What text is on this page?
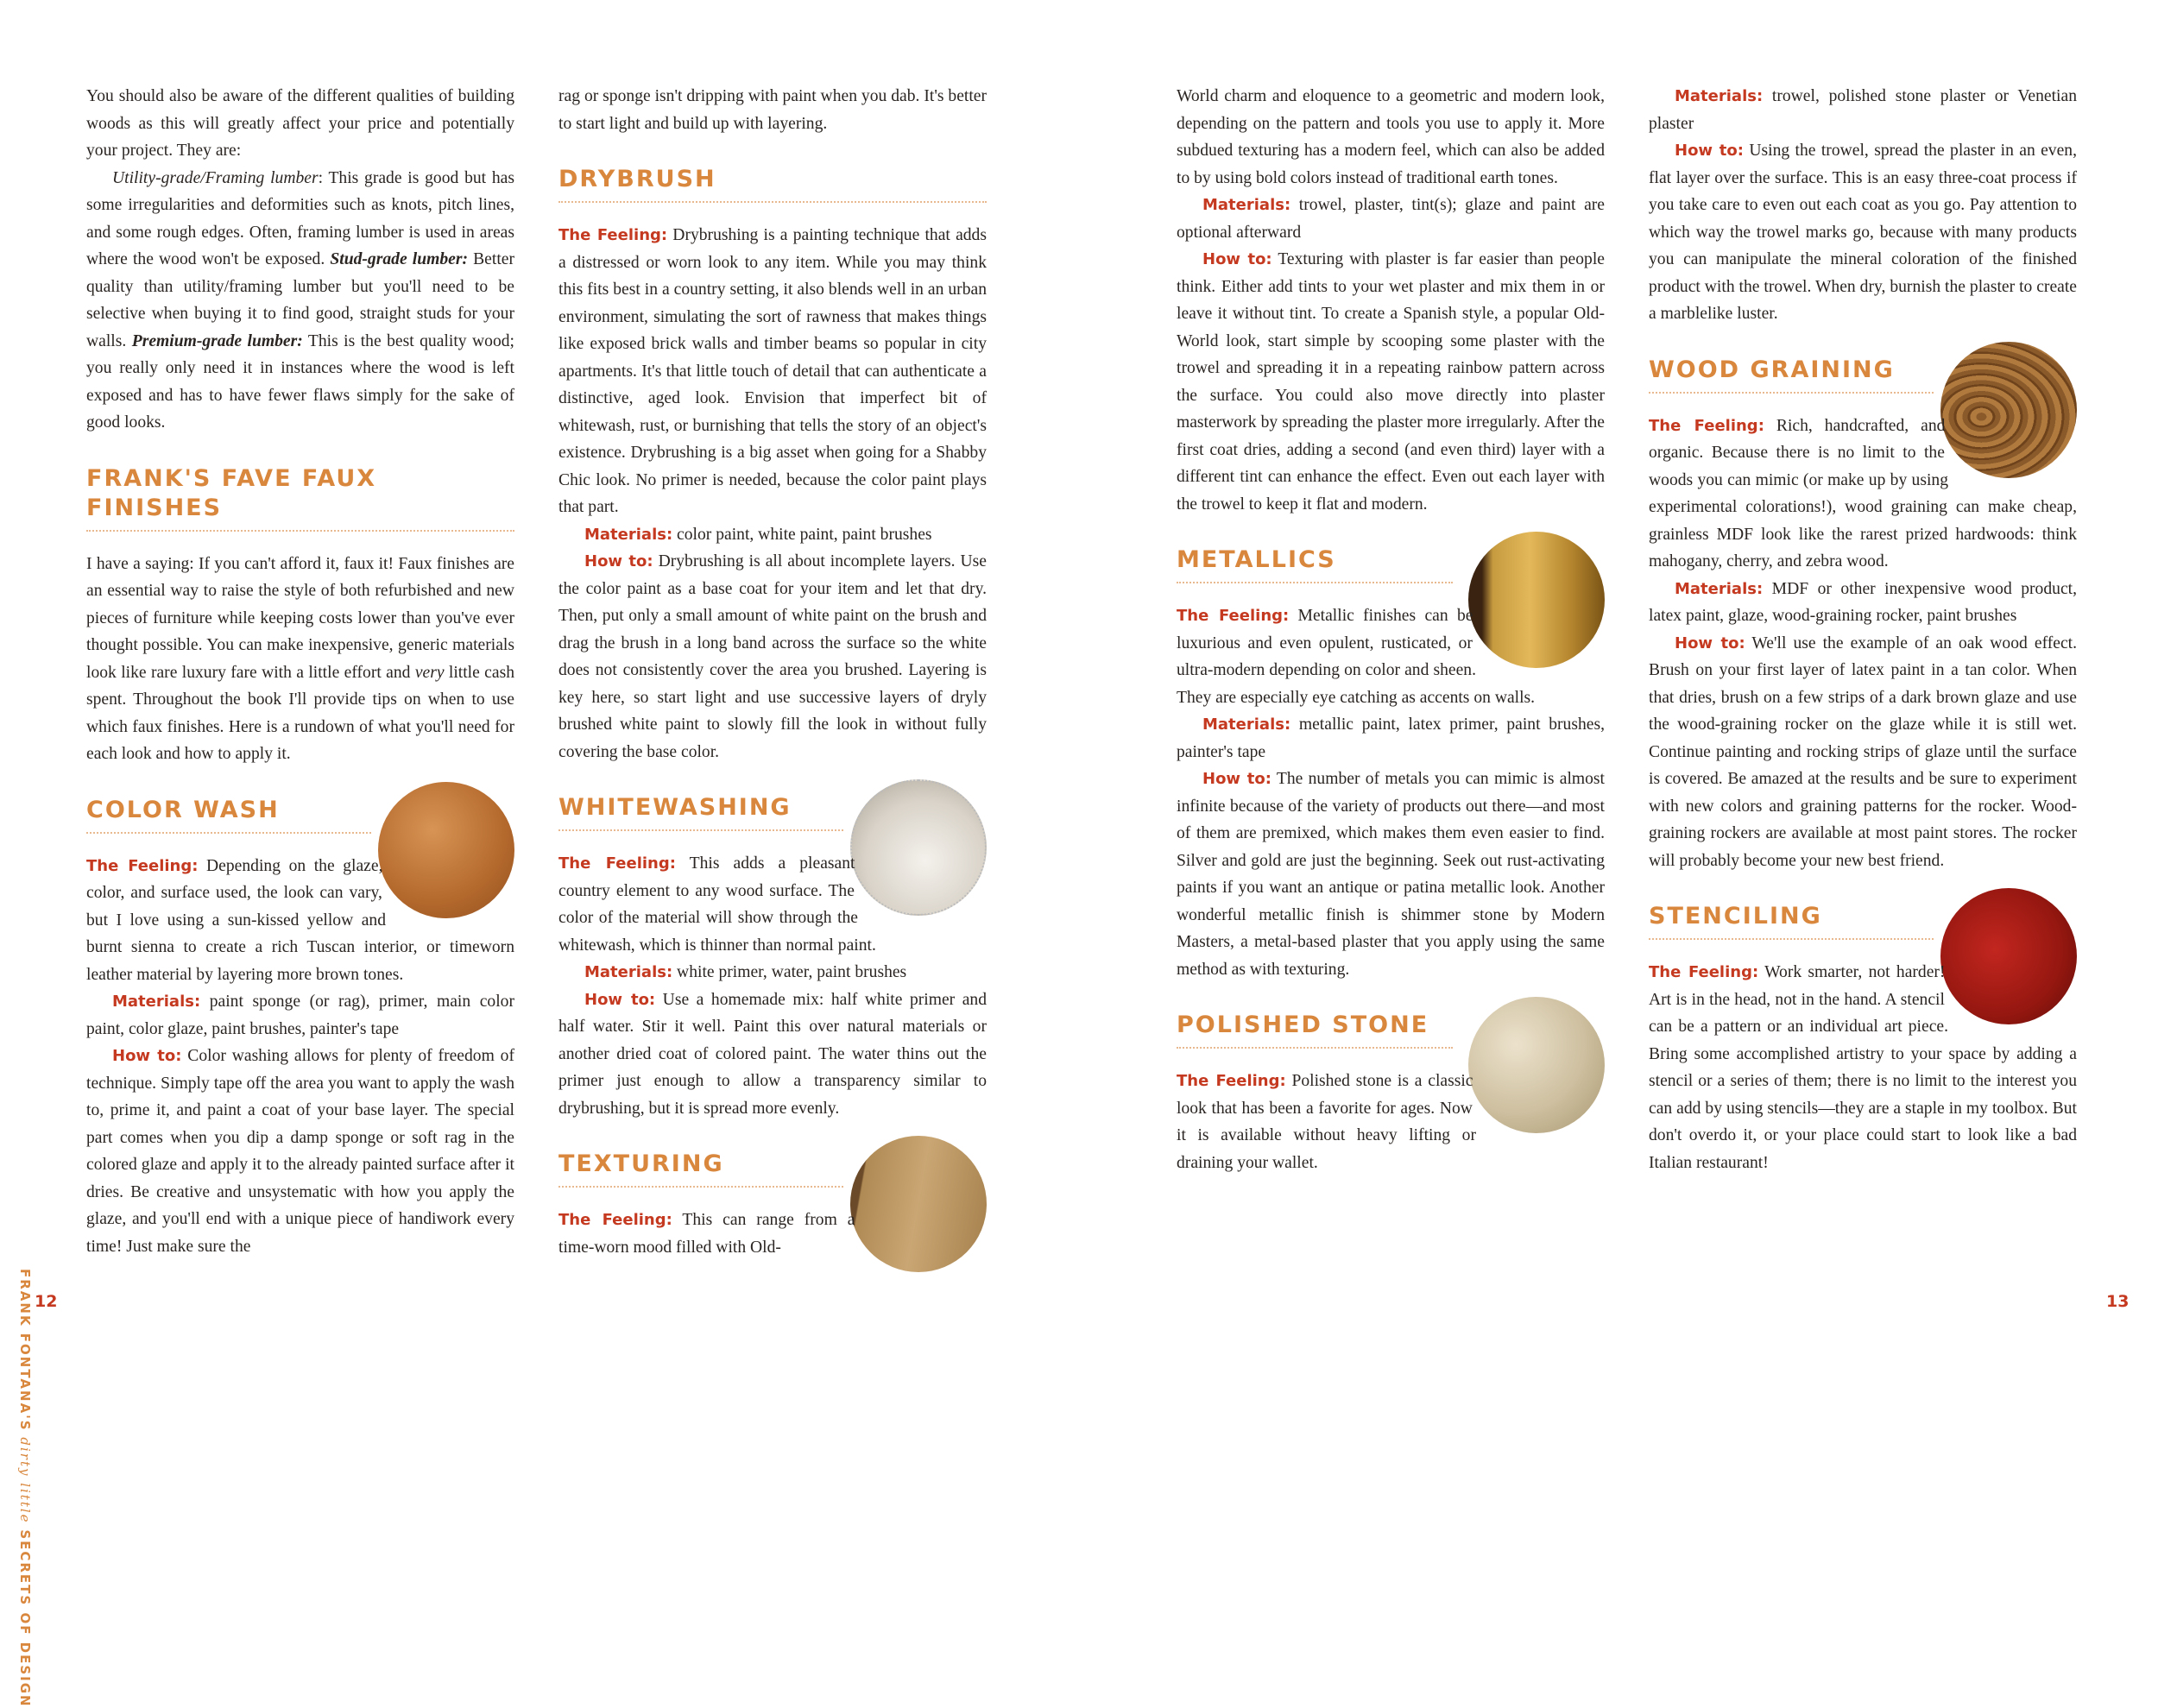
You should also be aware of the different qualities of building woods as this will greatly affect your price and potentially your project. They are:

Utility-grade/Framing lumber: This grade is good but has some irregularities and deformities such as knots, pitch lines, and some rough edges. Often, framing lumber is used in areas where the wood won't be exposed. Stud-grade lumber: Better quality than utility/framing lumber but you'll need to be selective when buying it to find good, straight studs for your walls. Premium-grade lumber: This is the best quality wood; you really only need it in instances where the wood is left exposed and has to have fewer flaws simply for the sake of good looks.

FRANK'S FAVE FAUX FINISHES

I have a saying: If you can't afford it, faux it! Faux finishes are an essential way to raise the style of both refurbished and new pieces of furniture while keeping costs lower than you've ever thought possible. You can make inexpensive, generic materials look like rare luxury fare with a little effort and very little cash spent. Throughout the book I'll provide tips on when to use which faux finishes. Here is a rundown of what you'll need for each look and how to apply it.

COLOR WASH

The Feeling: Depending on the glaze, color, and surface used, the look can vary, but I love using a sun-kissed yellow and burnt sienna to create a rich Tuscan interior, or timeworn leather material by layering more brown tones.

Materials: paint sponge (or rag), primer, main color paint, color glaze, paint brushes, painter's tape

How to: Color washing allows for plenty of freedom of technique. Simply tape off the area you want to apply the wash to, prime it, and paint a coat of your base layer. The special part comes when you dip a damp sponge or soft rag in the colored glaze and apply it to the already painted surface after it dries. Be creative and unsystematic with how you apply the glaze, and you'll end with a unique piece of handiwork every time! Just make sure the

rag or sponge isn't dripping with paint when you dab. It's better to start light and build up with layering.

DRYBRUSH

The Feeling: Drybrushing is a painting technique that adds a distressed or worn look to any item. While you may think this fits best in a country setting, it also blends well in an urban environment, simulating the sort of rawness that makes things like exposed brick walls and timber beams so popular in city apartments. It's that little touch of detail that can authenticate a distinctive, aged look. Envision that imperfect bit of whitewash, rust, or burnishing that tells the story of an object's existence. Drybrushing is a big asset when going for a Shabby Chic look. No primer is needed, because the color paint plays that part.

Materials: color paint, white paint, paint brushes

How to: Drybrushing is all about incomplete layers. Use the color paint as a base coat for your item and let that dry. Then, put only a small amount of white paint on the brush and drag the brush in a long band across the surface so the white does not consistently cover the area you brushed. Layering is key here, so start light and use successive layers of dryly brushed white paint to slowly fill the look in without fully covering the base color.

WHITEWASHING

The Feeling: This adds a pleasant country element to any wood surface. The color of the material will show through the whitewash, which is thinner than normal paint.

Materials: white primer, water, paint brushes

How to: Use a homemade mix: half white primer and half water. Stir it well. Paint this over natural materials or another dried coat of colored paint. The water thins out the primer just enough to allow a transparency similar to drybrushing, but it is spread more evenly.

TEXTURING

The Feeling: This can range from a time-worn mood filled with Old-

World charm and eloquence to a geometric and modern look, depending on the pattern and tools you use to apply it. More subdued texturing has a modern feel, which can also be added to by using bold colors instead of traditional earth tones.

Materials: trowel, plaster, tint(s); glaze and paint are optional afterward

How to: Texturing with plaster is far easier than people think. Either add tints to your wet plaster and mix them in or leave it without tint. To create a Spanish style, a popular Old-World look, start simple by scooping some plaster with the trowel and spreading it in a repeating rainbow pattern across the surface. You could also move directly into plaster masterwork by spreading the plaster more irregularly. After the first coat dries, adding a second (and even third) layer with a different tint can enhance the effect. Even out each layer with the trowel to keep it flat and modern.

METALLICS

The Feeling: Metallic finishes can be luxurious and even opulent, rusticated, or ultra-modern depending on color and sheen. They are especially eye catching as accents on walls.

Materials: metallic paint, latex primer, paint brushes, painter's tape

How to: The number of metals you can mimic is almost infinite because of the variety of products out there—and most of them are premixed, which makes them even easier to find. Silver and gold are just the beginning. Seek out rust-activating paints if you want an antique or patina metallic look. Another wonderful metallic finish is shimmer stone by Modern Masters, a metal-based plaster that you apply using the same method as with texturing.

POLISHED STONE

The Feeling: Polished stone is a classic look that has been a favorite for ages. Now it is available without heavy lifting or draining your wallet.

Materials: trowel, polished stone plaster or Venetian plaster

How to: Using the trowel, spread the plaster in an even, flat layer over the surface. This is an easy three-coat process if you take care to even out each coat as you go. Pay attention to which way the trowel marks go, because with many products you can manipulate the mineral coloration of the finished product with the trowel. When dry, burnish the plaster to create a marblelike luster.

WOOD GRAINING

The Feeling: Rich, handcrafted, and organic. Because there is no limit to the woods you can mimic (or make up by using experimental colorations!), wood graining can make cheap, grainless MDF look like the rarest prized hardwoods: think mahogany, cherry, and zebra wood.

Materials: MDF or other inexpensive wood product, latex paint, glaze, wood-graining rocker, paint brushes

How to: We'll use the example of an oak wood effect. Brush on your first layer of latex paint in a tan color. When that dries, brush on a few strips of a dark brown glaze and use the wood-graining rocker on the glaze while it is still wet. Continue painting and rocking strips of glaze until the surface is covered. Be amazed at the results and be sure to experiment with new colors and graining patterns for the rocker. Wood-graining rockers are available at most paint stores. The rocker will probably become your new best friend.

STENCILING

The Feeling: Work smarter, not harder! Art is in the head, not in the hand. A stencil can be a pattern or an individual art piece. Bring some accomplished artistry to your space by adding a stencil or a series of them; there is no limit to the interest you can add by using stencils—they are a staple in my toolbox. But don't overdo it, or your place could start to look like a bad Italian restaurant!

FRANK FONTANA'S dirty little SECRETS OF DESIGN
12	13
